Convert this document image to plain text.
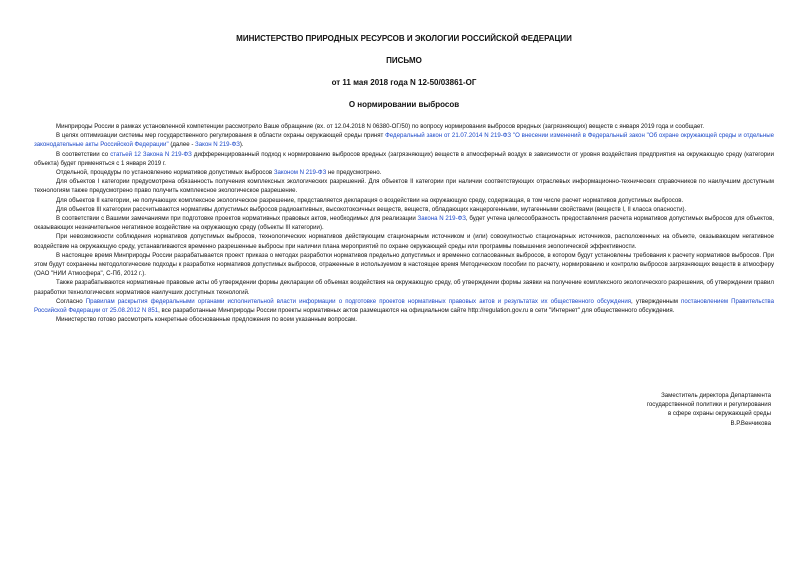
МИНИСТЕРСТВО ПРИРОДНЫХ РЕСУРСОВ И ЭКОЛОГИИ РОССИЙСКОЙ ФЕДЕРАЦИИ

ПИСЬМО

от 11 мая 2018 года N 12-50/03861-ОГ

О нормировании выбросов

Минприроды России в рамках установленной компетенции рассмотрело Ваше обращение (вх. от 12.04.2018 N 06380-ОГ/50) по вопросу нормирования выбросов вредных (загрязняющих) веществ с января 2019 года и сообщает.

В целях оптимизации системы мер государственного регулирования в области охраны окружающей среды принят Федеральный закон от 21.07.2014 N 219-ФЗ "О внесении изменений в Федеральный закон "Об охране окружающей среды и отдельные законодательные акты Российской Федерации" (далее - Закон N 219-ФЗ).

В соответствии со статьей 12 Закона N 219-ФЗ дифференцированный подход к нормированию выбросов вредных (загрязняющих) веществ в атмосферный воздух в зависимости от уровня воздействия предприятия на окружающую среду (категории объекта) будет применяться с 1 января 2019 г.

Отдельной, процедуры по установлению нормативов допустимых выбросов Законом N 219-ФЗ не предусмотрено.

Для объектов I категории предусмотрена обязанность получения комплексных экологических разрешений. Для объектов II категории при наличии соответствующих отраслевых информационно-технических справочников по наилучшим доступным технологиям также предусмотрено право получить комплексное экологическое разрешение.

Для объектов II категории, не получающих комплексное экологическое разрешение, представляется декларация о воздействии на окружающую среду, содержащая, в том числе расчет нормативов допустимых выбросов.

Для объектов III категории рассчитываются нормативы допустимых выбросов радиоактивных, высокотоксичных веществ, веществ, обладающих канцерогенными, мутагенными свойствами (веществ I, II класса опасности).

В соответствии с Вашими замечаниями при подготовке проектов нормативных правовых актов, необходимых для реализации Закона N 219-ФЗ, будет учтена целесообразность предоставления расчета нормативов допустимых выбросов для объектов, оказывающих незначительное негативное воздействие на окружающую среду (объекты III категории).

При невозможности соблюдения нормативов допустимых выбросов, технологических нормативов действующим стационарным источником и (или) совокупностью стационарных источников, расположенных на объекте, оказывающем негативное воздействие на окружающую среду, устанавливаются временно разрешенные выбросы при наличии плана мероприятий по охране окружающей среды или программы повышения экологической эффективности.

В настоящее время Минприроды России разрабатывается проект приказа о методах разработки нормативов предельно допустимых и временно согласованных выбросов, в котором будут установлены требования к расчету нормативов выбросов. При этом будут сохранены методологические подходы к разработке нормативов допустимых выбросов, отраженные в используемом в настоящее время Методическом пособии по расчету, нормированию и контролю выбросов загрязняющих веществ в атмосферу (ОАО "НИИ Атмосфера", С-Пб, 2012 г.).

Также разрабатываются нормативные правовые акты об утверждении формы декларации об объемах воздействия на окружающую среду, об утверждении формы заявки на получение комплексного экологического разрешения, об утверждении правил разработки технологических нормативов наилучших доступных технологий.

Согласно Правилам раскрытия федеральными органами исполнительной власти информации о подготовке проектов нормативных правовых актов и результатах их общественного обсуждения, утвержденным постановлением Правительства Российской Федерации от 25.08.2012 N 851, все разработанные Минприроды России проекты нормативных актов размещаются на официальном сайте http://regulation.gov.ru в сети "Интернет" для общественного обсуждения.

Министерство готово рассмотреть конкретные обоснованные предложения по всем указанным вопросам.

Заместитель директора Департамента
государственной политики и регулирования
в сфере охраны окружающей среды
В.Р.Венчикова
